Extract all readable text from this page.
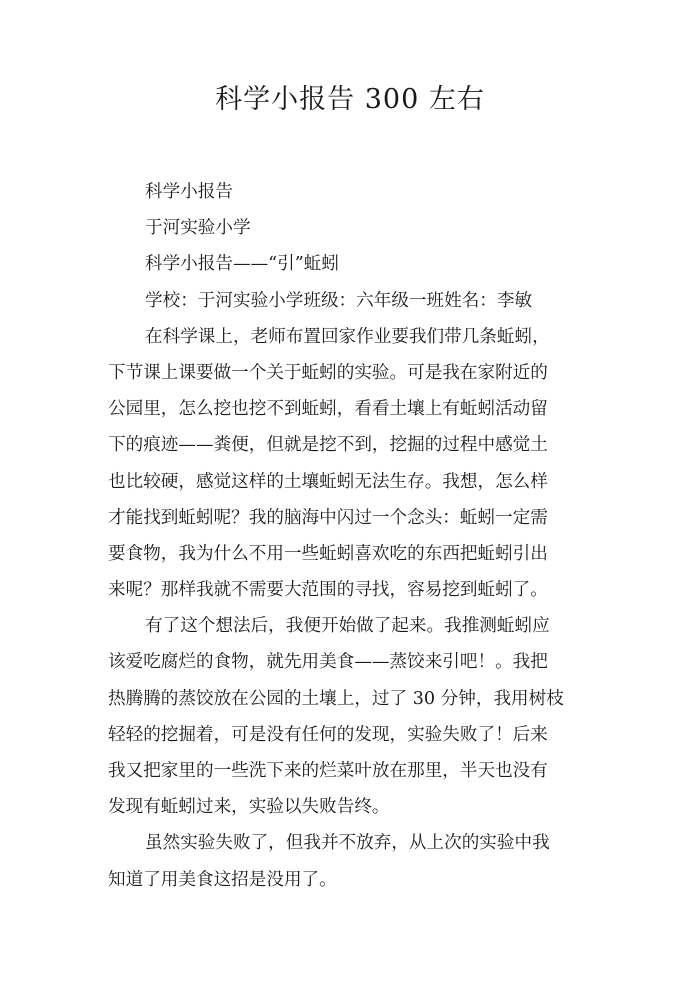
科学小报告 300 左右
科学小报告
于河实验小学
科学小报告——“引”蚯蚓
学校：于河实验小学班级：六年级一班姓名：李敏
在科学课上，老师布置回家作业要我们带几条蚯蚓，
下节课上课要做一个关于蚯蚓的实验。可是我在家附近的
公园里，怎么挖也挖不到蚯蚓，看看土壤上有蚯蚓活动留
下的痕迹——粪便，但就是挖不到，挖掘的过程中感觉土
也比较硬，感觉这样的土壤蚯蚓无法生存。我想，怎么样
才能找到蚯蚓呢？我的脑海中闪过一个念头：蚯蚓一定需
要食物，我为什么不用一些蚯蚓喜欢吃的东西把蚯蚓引出
来呢？那样我就不需要大范围的寻找，容易挖到蚯蚓了。
有了这个想法后，我便开始做了起来。我推测蚯蚓应
该爱吃腐烂的食物，就先用美食——蒸饺来引吧！。我把
热腾腾的蒸饺放在公园的土壤上，过了 30 分钟，我用树枝
轻轻的挖掘着，可是没有任何的发现，实验失败了！后来
我又把家里的一些洗下来的烂菜叶放在那里，半天也没有
发现有蚯蚓过来，实验以失败告终。
虽然实验失败了，但我并不放弃，从上次的实验中我
知道了用美食这招是没用了。
